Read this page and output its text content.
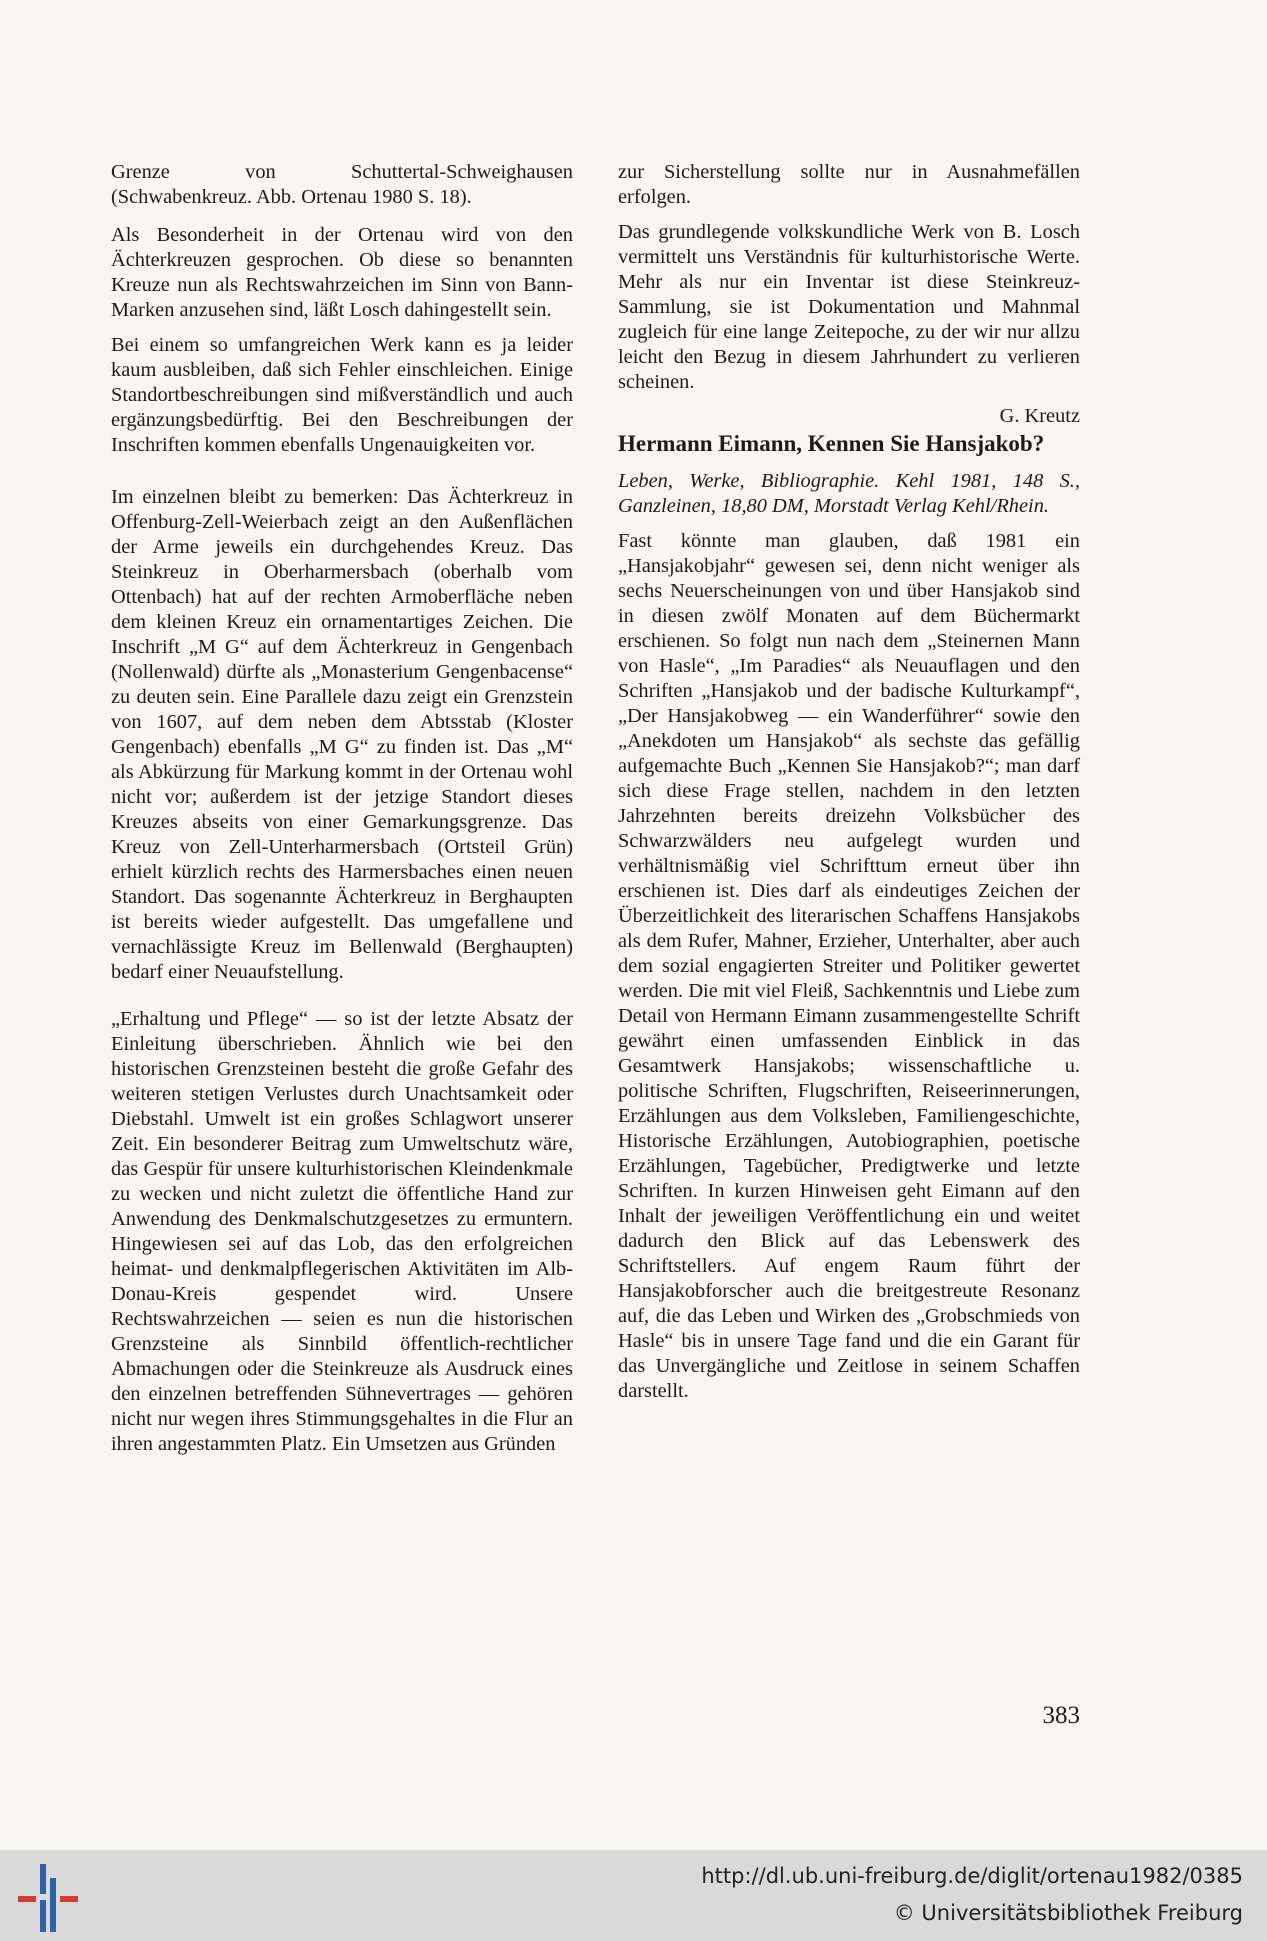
Grenze von Schuttertal-Schweighausen (Schwabenkreuz. Abb. Ortenau 1980 S. 18).

Als Besonderheit in der Ortenau wird von den Ächterkreuzen gesprochen. Ob diese so benannten Kreuze nun als Rechtswahrzeichen im Sinn von Bann-Marken anzusehen sind, läßt Losch dahingestellt sein.

Bei einem so umfangreichen Werk kann es ja leider kaum ausbleiben, daß sich Fehler einschleichen. Einige Standortbeschreibungen sind mißverständlich und auch ergänzungsbedürftig. Bei den Beschreibungen der Inschriften kommen ebenfalls Ungenauigkeiten vor.

Im einzelnen bleibt zu bemerken: Das Ächterkreuz in Offenburg-Zell-Weierbach zeigt an den Außenflächen der Arme jeweils ein durchgehendes Kreuz. Das Steinkreuz in Oberharmersbach (oberhalb vom Ottenbach) hat auf der rechten Armoberfläche neben dem kleinen Kreuz ein ornamentartiges Zeichen. Die Inschrift „M G“ auf dem Ächterkreuz in Gengenbach (Nollenwald) dürfte als „Monasterium Gengenbacense“ zu deuten sein. Eine Parallele dazu zeigt ein Grenzstein von 1607, auf dem neben dem Abtsstab (Kloster Gengenbach) ebenfalls „M G“ zu finden ist. Das „M“ als Abkürzung für Markung kommt in der Ortenau wohl nicht vor; außerdem ist der jetzige Standort dieses Kreuzes abseits von einer Gemarkungsgrenze. Das Kreuz von Zell-Unterharmersbach (Ortsteil Grün) erhielt kürzlich rechts des Harmersbaches einen neuen Standort. Das sogenannte Ächterkreuz in Berghaupten ist bereits wieder aufgestellt. Das umgefallene und vernachlässigte Kreuz im Bellenwald (Berghaupten) bedarf einer Neuaufstellung.

„Erhaltung und Pflege“ — so ist der letzte Absatz der Einleitung überschrieben. Ähnlich wie bei den historischen Grenzsteinen besteht die große Gefahr des weiteren stetigen Verlustes durch Unachtsamkeit oder Diebstahl. Umwelt ist ein großes Schlagwort unserer Zeit. Ein besonderer Beitrag zum Umweltschutz wäre, das Gespür für unsere kulturhistorischen Kleindenkmale zu wecken und nicht zuletzt die öffentliche Hand zur Anwendung des Denkmalschutzgesetzes zu ermuntern. Hingewiesen sei auf das Lob, das den erfolgreichen heimat- und denkmalpflegerischen Aktivitäten im Alb-Donau-Kreis gespendet wird. Unsere Rechtswahrzeichen — seien es nun die historischen Grenzsteine als Sinnbild öffentlich-rechtlicher Abmachungen oder die Steinkreuze als Ausdruck eines den einzelnen betreffenden Sühnevertrages — gehören nicht nur wegen ihres Stimmungsgehaltes in die Flur an ihren angestammten Platz. Ein Umsetzen aus Gründen

zur Sicherstellung sollte nur in Ausnahmefällen erfolgen.

Das grundlegende volkskundliche Werk von B. Losch vermittelt uns Verständnis für kulturhistorische Werte. Mehr als nur ein Inventar ist diese Steinkreuz-Sammlung, sie ist Dokumentation und Mahnmal zugleich für eine lange Zeitepoche, zu der wir nur allzu leicht den Bezug in diesem Jahrhundert zu verlieren scheinen.

G. Kreutz

Hermann Eimann, Kennen Sie Hansjakob?

Leben, Werke, Bibliographie. Kehl 1981, 148 S., Ganzleinen, 18,80 DM, Morstadt Verlag Kehl/Rhein.

Fast könnte man glauben, daß 1981 ein „Hansjakobjahr“ gewesen sei, denn nicht weniger als sechs Neuerscheinungen von und über Hansjakob sind in diesen zwölf Monaten auf dem Büchermarkt erschienen. So folgt nun nach dem „Steinernen Mann von Hasle“, „Im Paradies“ als Neuauflagen und den Schriften „Hansjakob und der badische Kulturkampf“, „Der Hansjakobweg — ein Wanderführer“ sowie den „Anekdoten um Hansjakob“ als sechste das gefällig aufgemachte Buch „Kennen Sie Hansjakob?“; man darf sich diese Frage stellen, nachdem in den letzten Jahrzehnten bereits dreizehn Volksbücher des Schwarzwälders neu aufgelegt wurden und verhältnismäßig viel Schrifttum erneut über ihn erschienen ist. Dies darf als eindeutiges Zeichen der Überzeitlichkeit des literarischen Schaffens Hansjakobs als dem Rufer, Mahner, Erzieher, Unterhalter, aber auch dem sozial engagierten Streiter und Politiker gewertet werden. Die mit viel Fleiß, Sachkenntnis und Liebe zum Detail von Hermann Eimann zusammengestellte Schrift gewährt einen umfassenden Einblick in das Gesamtwerk Hansjakobs; wissenschaftliche u. politische Schriften, Flugschriften, Reiseerinnerungen, Erzählungen aus dem Volksleben, Familiengeschichte, Historische Erzählungen, Autobiographien, poetische Erzählungen, Tagebücher, Predigtwerke und letzte Schriften. In kurzen Hinweisen geht Eimann auf den Inhalt der jeweiligen Veröffentlichung ein und weitet dadurch den Blick auf das Lebenswerk des Schriftstellers. Auf engem Raum führt der Hansjakobforscher auch die breitgestreute Resonanz auf, die das Leben und Wirken des „Grobschmieds von Hasle“ bis in unsere Tage fand und die ein Garant für das Unvergängliche und Zeitlose in seinem Schaffen darstellt.

383
http://dl.ub.uni-freiburg.de/diglit/ortenau1982/0385
© Universitätsbibliothek Freiburg
